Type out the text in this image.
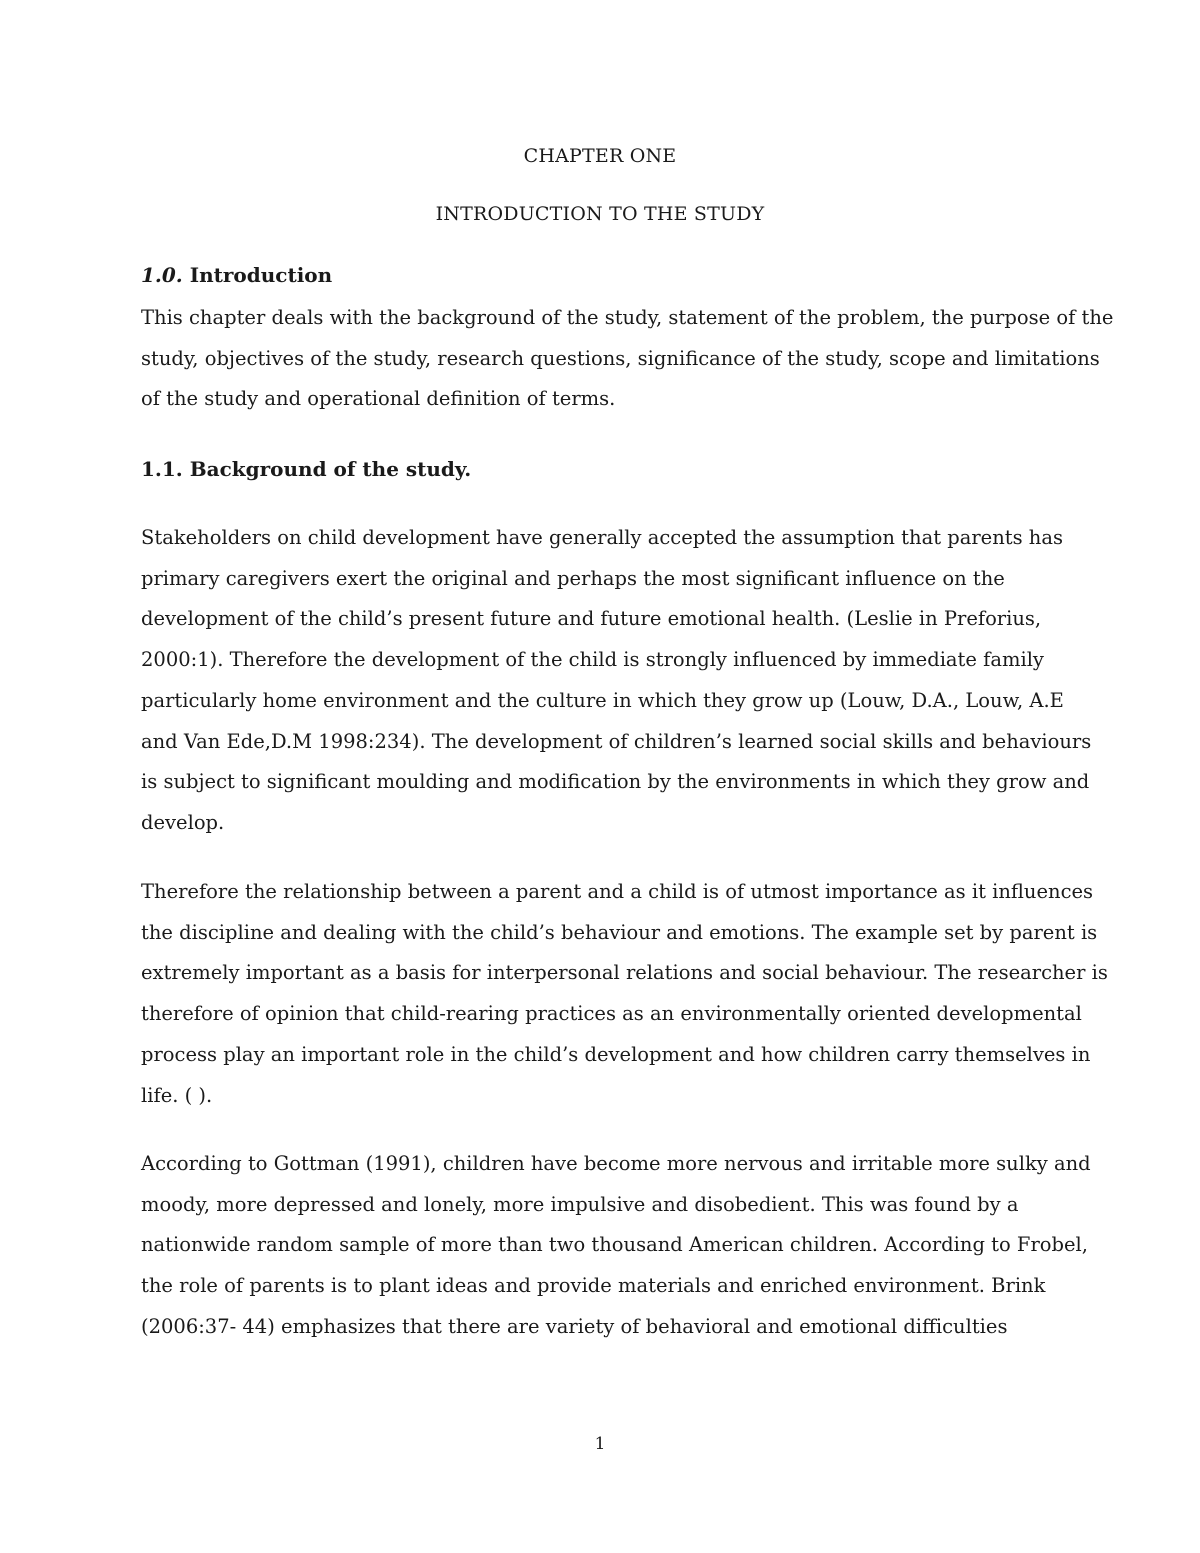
CHAPTER ONE
INTRODUCTION TO THE STUDY
1.0. Introduction

This chapter deals with the background of the study, statement of the problem, the purpose of the
study, objectives of the study, research questions, significance of the study, scope and limitations
of the study and operational definition of terms.

1.1. Background of the study.

Stakeholders on child development have generally accepted the assumption that parents has
primary caregivers exert the original and perhaps the most significant influence on the
development of the child’s present future and future emotional health. (Leslie in Preforius,
2000:1). Therefore the development of the child is strongly influenced by immediate family
particularly home environment and the culture in which they grow up (Louw, D.A., Louw, A.E
and Van Ede,D.M 1998:234). The development of children’s learned social skills and behaviours
is subject to significant moulding and modification by the environments in which they grow and
develop.

Therefore the relationship between a parent and a child is of utmost importance as it influences
the discipline and dealing with the child’s behaviour and emotions. The example set by parent is
extremely important as a basis for interpersonal relations and social behaviour. The researcher is
therefore of opinion that child-rearing practices as an environmentally oriented developmental
process play an important role in the child’s development and how children carry themselves in
life. ( ).

According to Gottman (1991), children have become more nervous and irritable more sulky and
moody, more depressed and lonely, more impulsive and disobedient. This was found by a
nationwide random sample of more than two thousand American children. According to Frobel,
the role of parents is to plant ideas and provide materials and enriched environment. Brink
(2006:37- 44) emphasizes that there are variety of behavioral and emotional difficulties

1
